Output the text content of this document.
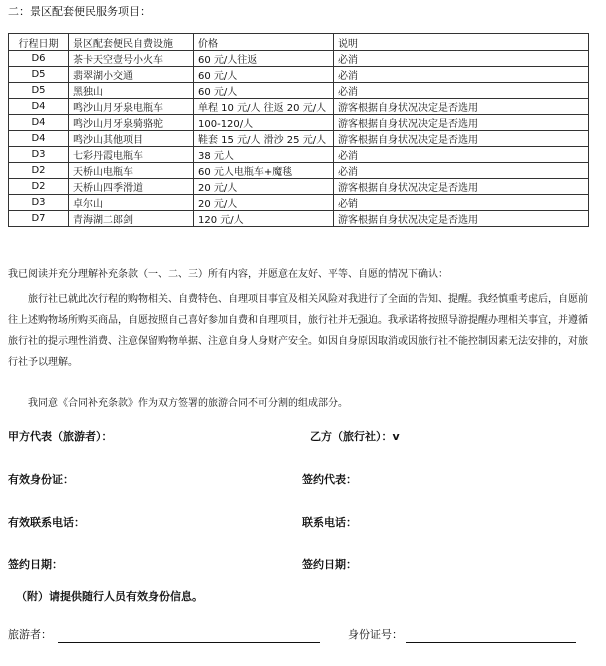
二：景区配套便民服务项目：
行程日期	景区配套便民自费设施	价格	说明
D6	茶卡天空壹号小火车	60 元/人往返	必消
D5	翡翠湖小交通	60 元/人	必消
D5	黑独山	60 元/人	必消
D4	鸣沙山月牙泉电瓶车	单程 10 元/人 往返 20 元/人	游客根据自身状况决定是否选用
D4	鸣沙山月牙泉骑骆驼	100-120/人	游客根据自身状况决定是否选用
D4	鸣沙山其他项目	鞋套 15 元/人 滑沙 25 元/人	游客根据自身状况决定是否选用
D3	七彩丹霞电瓶车	38 元人	必消
D2	天桥山电瓶车	60 元人电瓶车+魔毯	必消
D2	天桥山四季滑道	20 元/人	游客根据自身状况决定是否选用
D3	卓尔山	20 元/人	必销
D7	青海湖二郎剑	120 元/人	游客根据自身状况决定是否选用
我已阅读并充分理解补充条款（一、二、三）所有内容，并愿意在友好、平等、自愿的情况下确认：
旅行社已就此次行程的购物相关、自费特色、自理项目事宜及相关风险对我进行了全面的告知、提醒。我经慎重考虑后，自愿前往上述购物场所购买商品，自愿按照自己喜好参加自费和自理项目，旅行社并无强迫。我承诺将按照导游提醒办理相关事宜，并遵循旅行社的提示理性消费、注意保留购物单据、注意自身人身财产安全。如因自身原因取消或因旅行社不能控制因素无法安排的，对旅行社予以理解。
我同意《合同补充条款》作为双方签署的旅游合同不可分割的组成部分。
甲方代表（旅游者）：	乙方（旅行社）：v
有效身份证：	签约代表：
有效联系电话：	联系电话：
签约日期：	签约日期：
（附）请提供随行人员有效身份信息。
旅游者：	身份证号：
